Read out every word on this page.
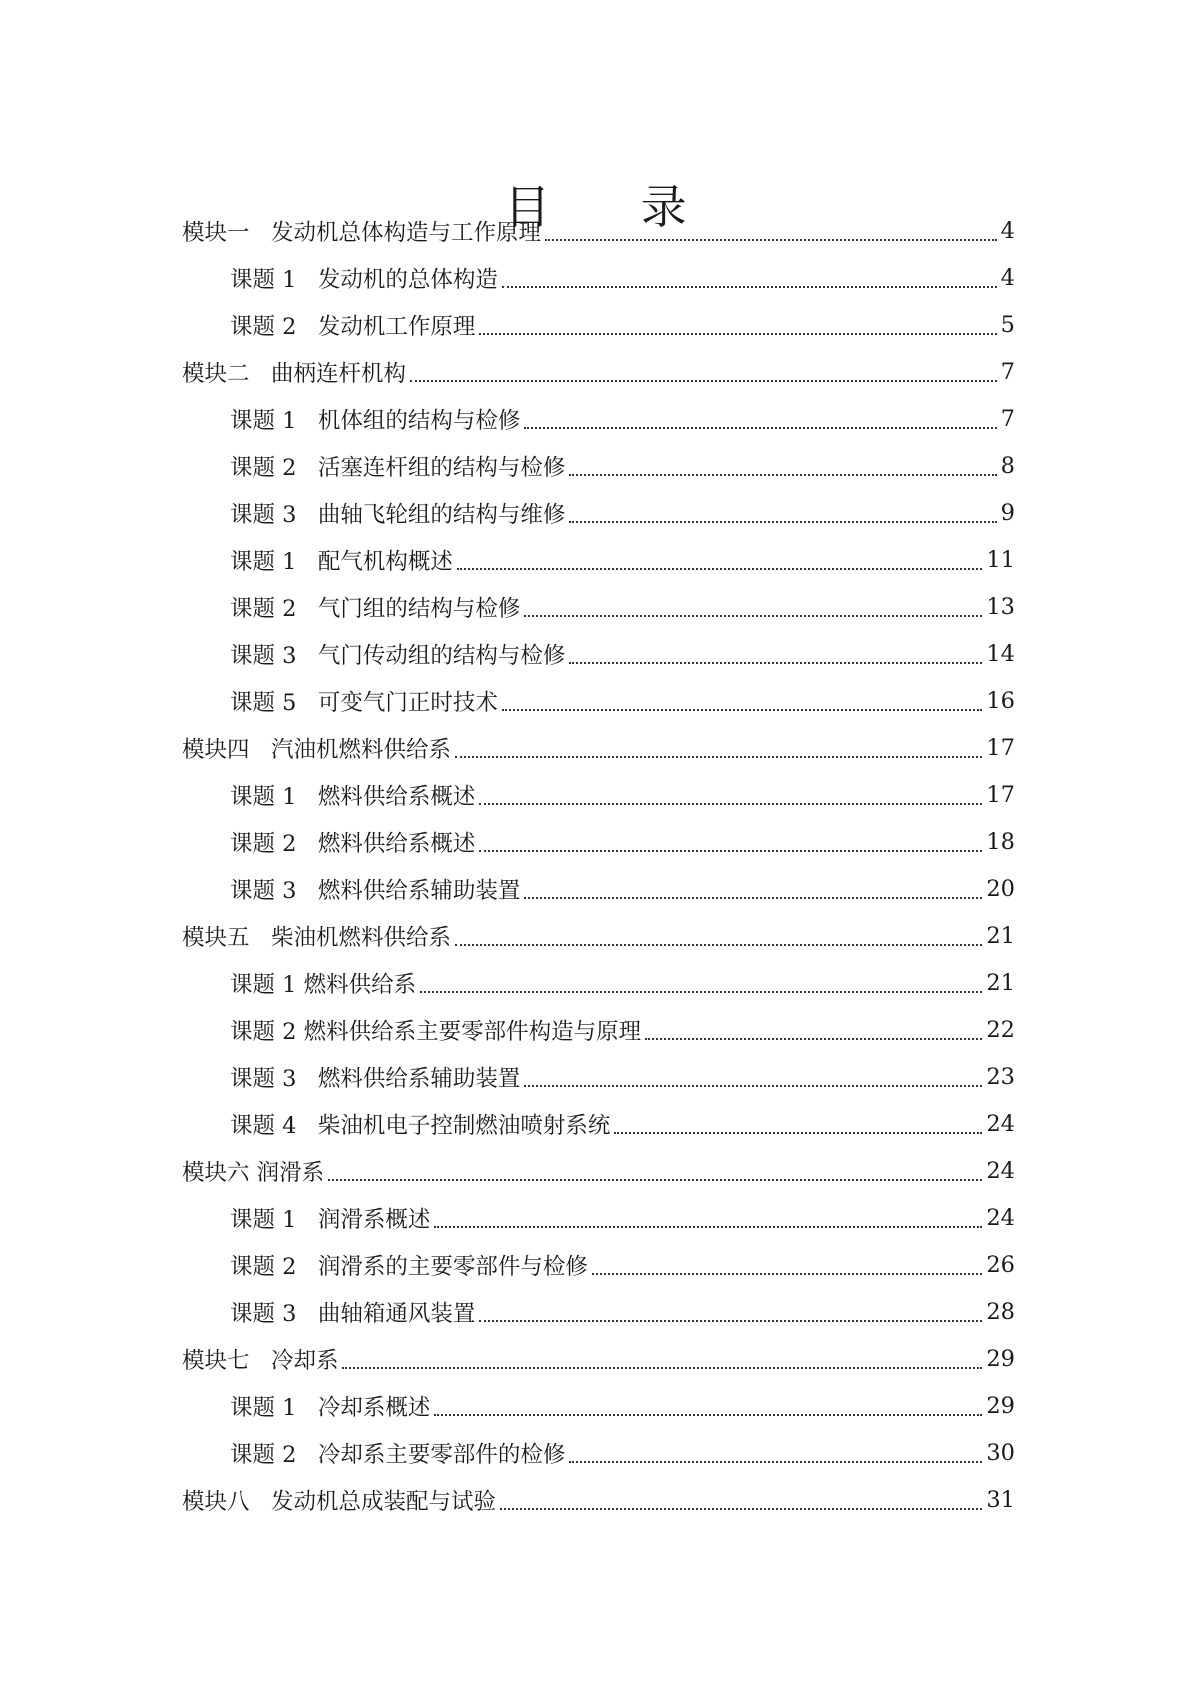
目 录
模块一   发动机总体构造与工作原理	4
课题 1   发动机的总体构造	4
课题 2   发动机工作原理	5
模块二   曲柄连杆机构	7
课题 1   机体组的结构与检修	7
课题 2   活塞连杆组的结构与检修	8
课题 3   曲轴飞轮组的结构与维修	9
课题 1   配气机构概述	11
课题 2   气门组的结构与检修	13
课题 3   气门传动组的结构与检修	14
课题 5   可变气门正时技术	16
模块四   汽油机燃料供给系	17
课题 1   燃料供给系概述	17
课题 2   燃料供给系概述	18
课题 3   燃料供给系辅助装置	20
模块五   柴油机燃料供给系	21
课题 1 燃料供给系	21
课题 2 燃料供给系主要零部件构造与原理	22
课题 3   燃料供给系辅助装置	23
课题 4   柴油机电子控制燃油喷射系统	24
模块六 润滑系	24
课题 1   润滑系概述	24
课题 2   润滑系的主要零部件与检修	26
课题 3   曲轴箱通风装置	28
模块七   冷却系	29
课题 1   冷却系概述	29
课题 2   冷却系主要零部件的检修	30
模块八   发动机总成装配与试验	31
